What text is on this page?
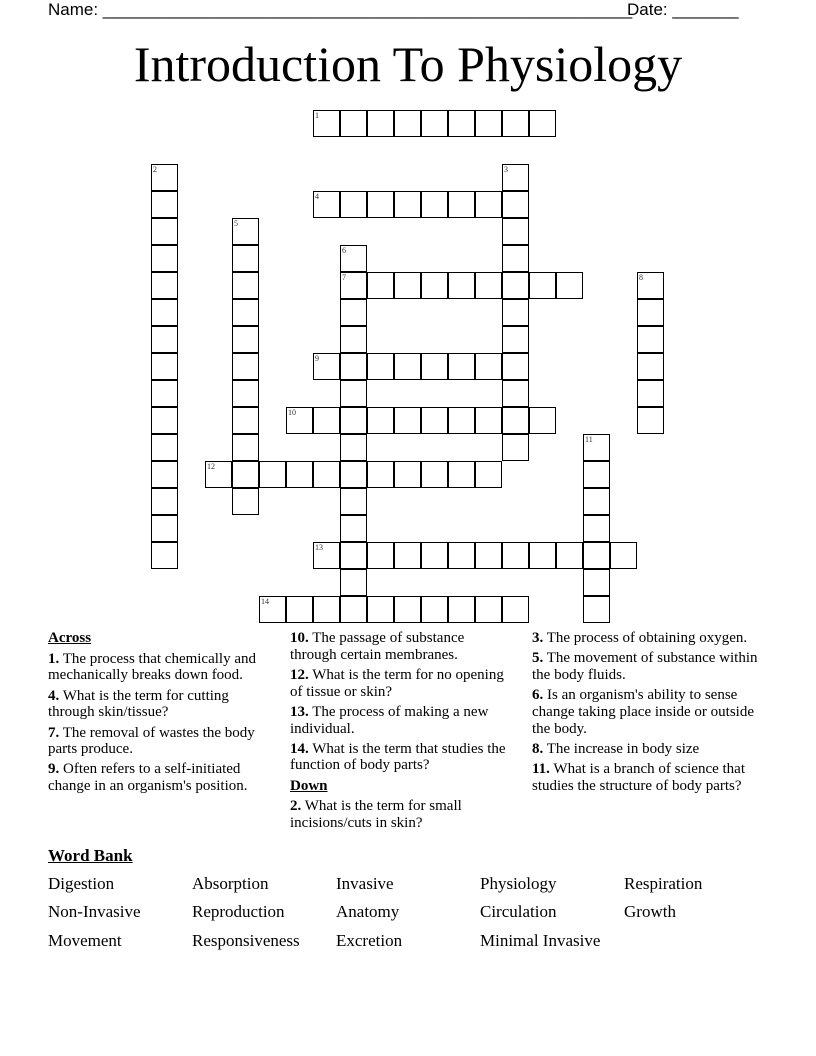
Name: ________________________________________________________
Date: _______
Introduction To Physiology
1
2	3
4
5
6
7	8
9
10
11
12
13
14
Across
1. The process that chemically and mechanically breaks down food.
4. What is the term for cutting through skin/tissue?
7. The removal of wastes the body parts produce.
9. Often refers to a self-initiated change in an organism's position.
10. The passage of substance through certain membranes.
12. What is the term for no opening of tissue or skin?
13. The process of making a new individual.
14. What is the term that studies the function of body parts?
Down
2. What is the term for small incisions/cuts in skin?
3. The process of obtaining oxygen.
5. The movement of substance within the body fluids.
6. Is an organism's ability to sense change taking place inside or outside the body.
8. The increase in body size
11. What is a branch of science that studies the structure of body parts?
Word Bank
Digestion	Absorption	Invasive	Physiology	Respiration
Non-Invasive	Reproduction	Anatomy	Circulation	Growth
Movement	Responsiveness Excretion	Minimal Invasive
